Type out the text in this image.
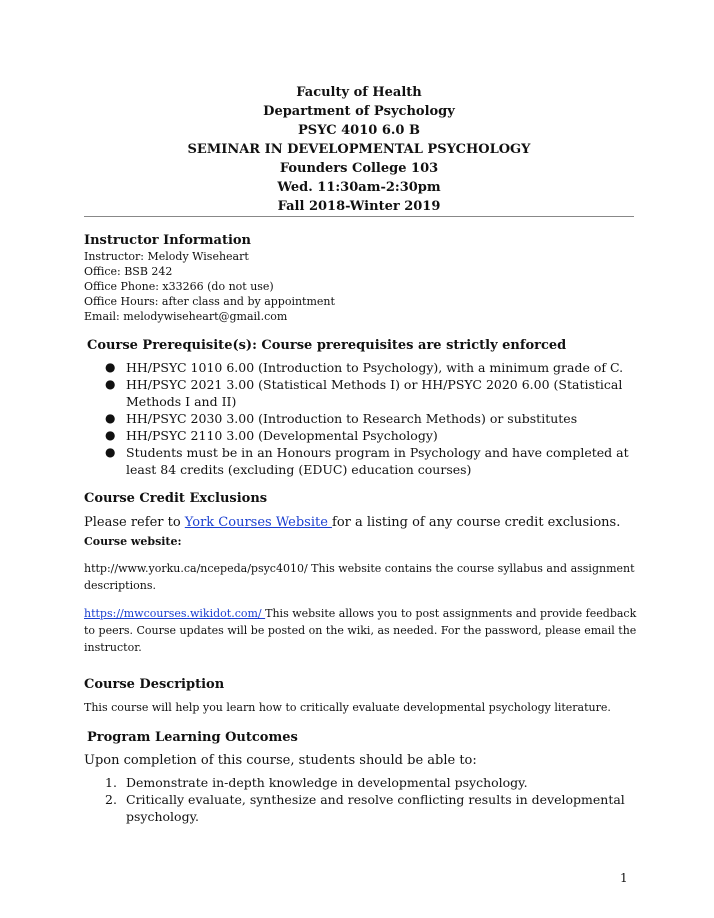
Faculty of Health
Department of Psychology
PSYC 4010 6.0 B
SEMINAR IN DEVELOPMENTAL PSYCHOLOGY
Founders College 103
Wed. 11:30am-2:30pm
Fall 2018-Winter 2019
Instructor Information
Instructor: Melody Wiseheart
Office: BSB 242
Office Phone: x33266 (do not use)
Office Hours: after class and by appointment
Email: melodywiseheart@gmail.com
Course Prerequisite(s): Course prerequisites are strictly enforced
● HH/PSYC 1010 6.00 (Introduction to Psychology), with a minimum grade of C.
● HH/PSYC 2021 3.00 (Statistical Methods I) or HH/PSYC 2020 6.00 (Statistical Methods I and II)
● HH/PSYC 2030 3.00 (Introduction to Research Methods) or substitutes
● HH/PSYC 2110 3.00 (Developmental Psychology)
● Students must be in an Honours program in Psychology and have completed at least 84 credits (excluding (EDUC) education courses)
Course Credit Exclusions
Please refer to York Courses Website for a listing of any course credit exclusions.
Course website:
http://www.yorku.ca/ncepeda/psyc4010/ This website contains the course syllabus and assignment descriptions.
https://mwcourses.wikidot.com/ This website allows you to post assignments and provide feedback to peers. Course updates will be posted on the wiki, as needed. For the password, please email the instructor.
Course Description
This course will help you learn how to critically evaluate developmental psychology literature.
Program Learning Outcomes
Upon completion of this course, students should be able to:
1. Demonstrate in-depth knowledge in developmental psychology.
2. Critically evaluate, synthesize and resolve conflicting results in developmental psychology.
1
